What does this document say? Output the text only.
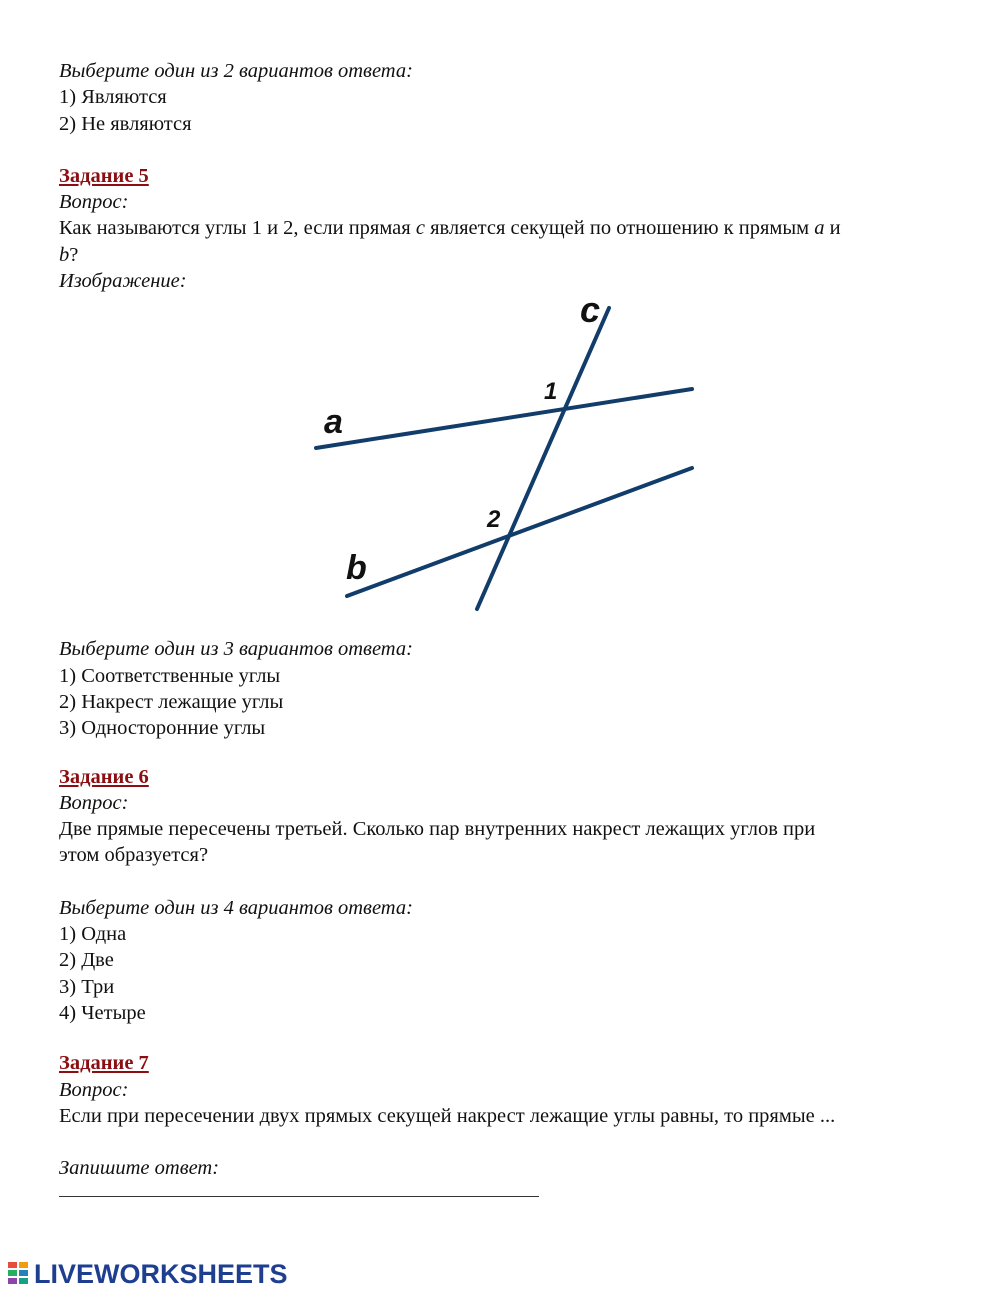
Выберите один из 2 вариантов ответа:
1) Являются
2) Не являются
Задание 5
Вопрос:
Как называются углы 1 и 2, если прямая c является секущей по отношению к прямым a и
b?
Изображение:
Выберите один из 3 вариантов ответа:
1) Соответственные углы
2) Накрест лежащие углы
3) Односторонние углы
Задание 6
Вопрос:
Две прямые пересечены третьей. Сколько пар внутренних накрест лежащих углов при
этом образуется?
Выберите один из 4 вариантов ответа:
1) Одна
2) Две
3) Три
4) Четыре
Задание 7
Вопрос:
Если при пересечении двух прямых секущей накрест лежащие углы равны, то прямые ...
Запишите ответ:
c
a
b
1
2
LIVEWORKSHEETS
